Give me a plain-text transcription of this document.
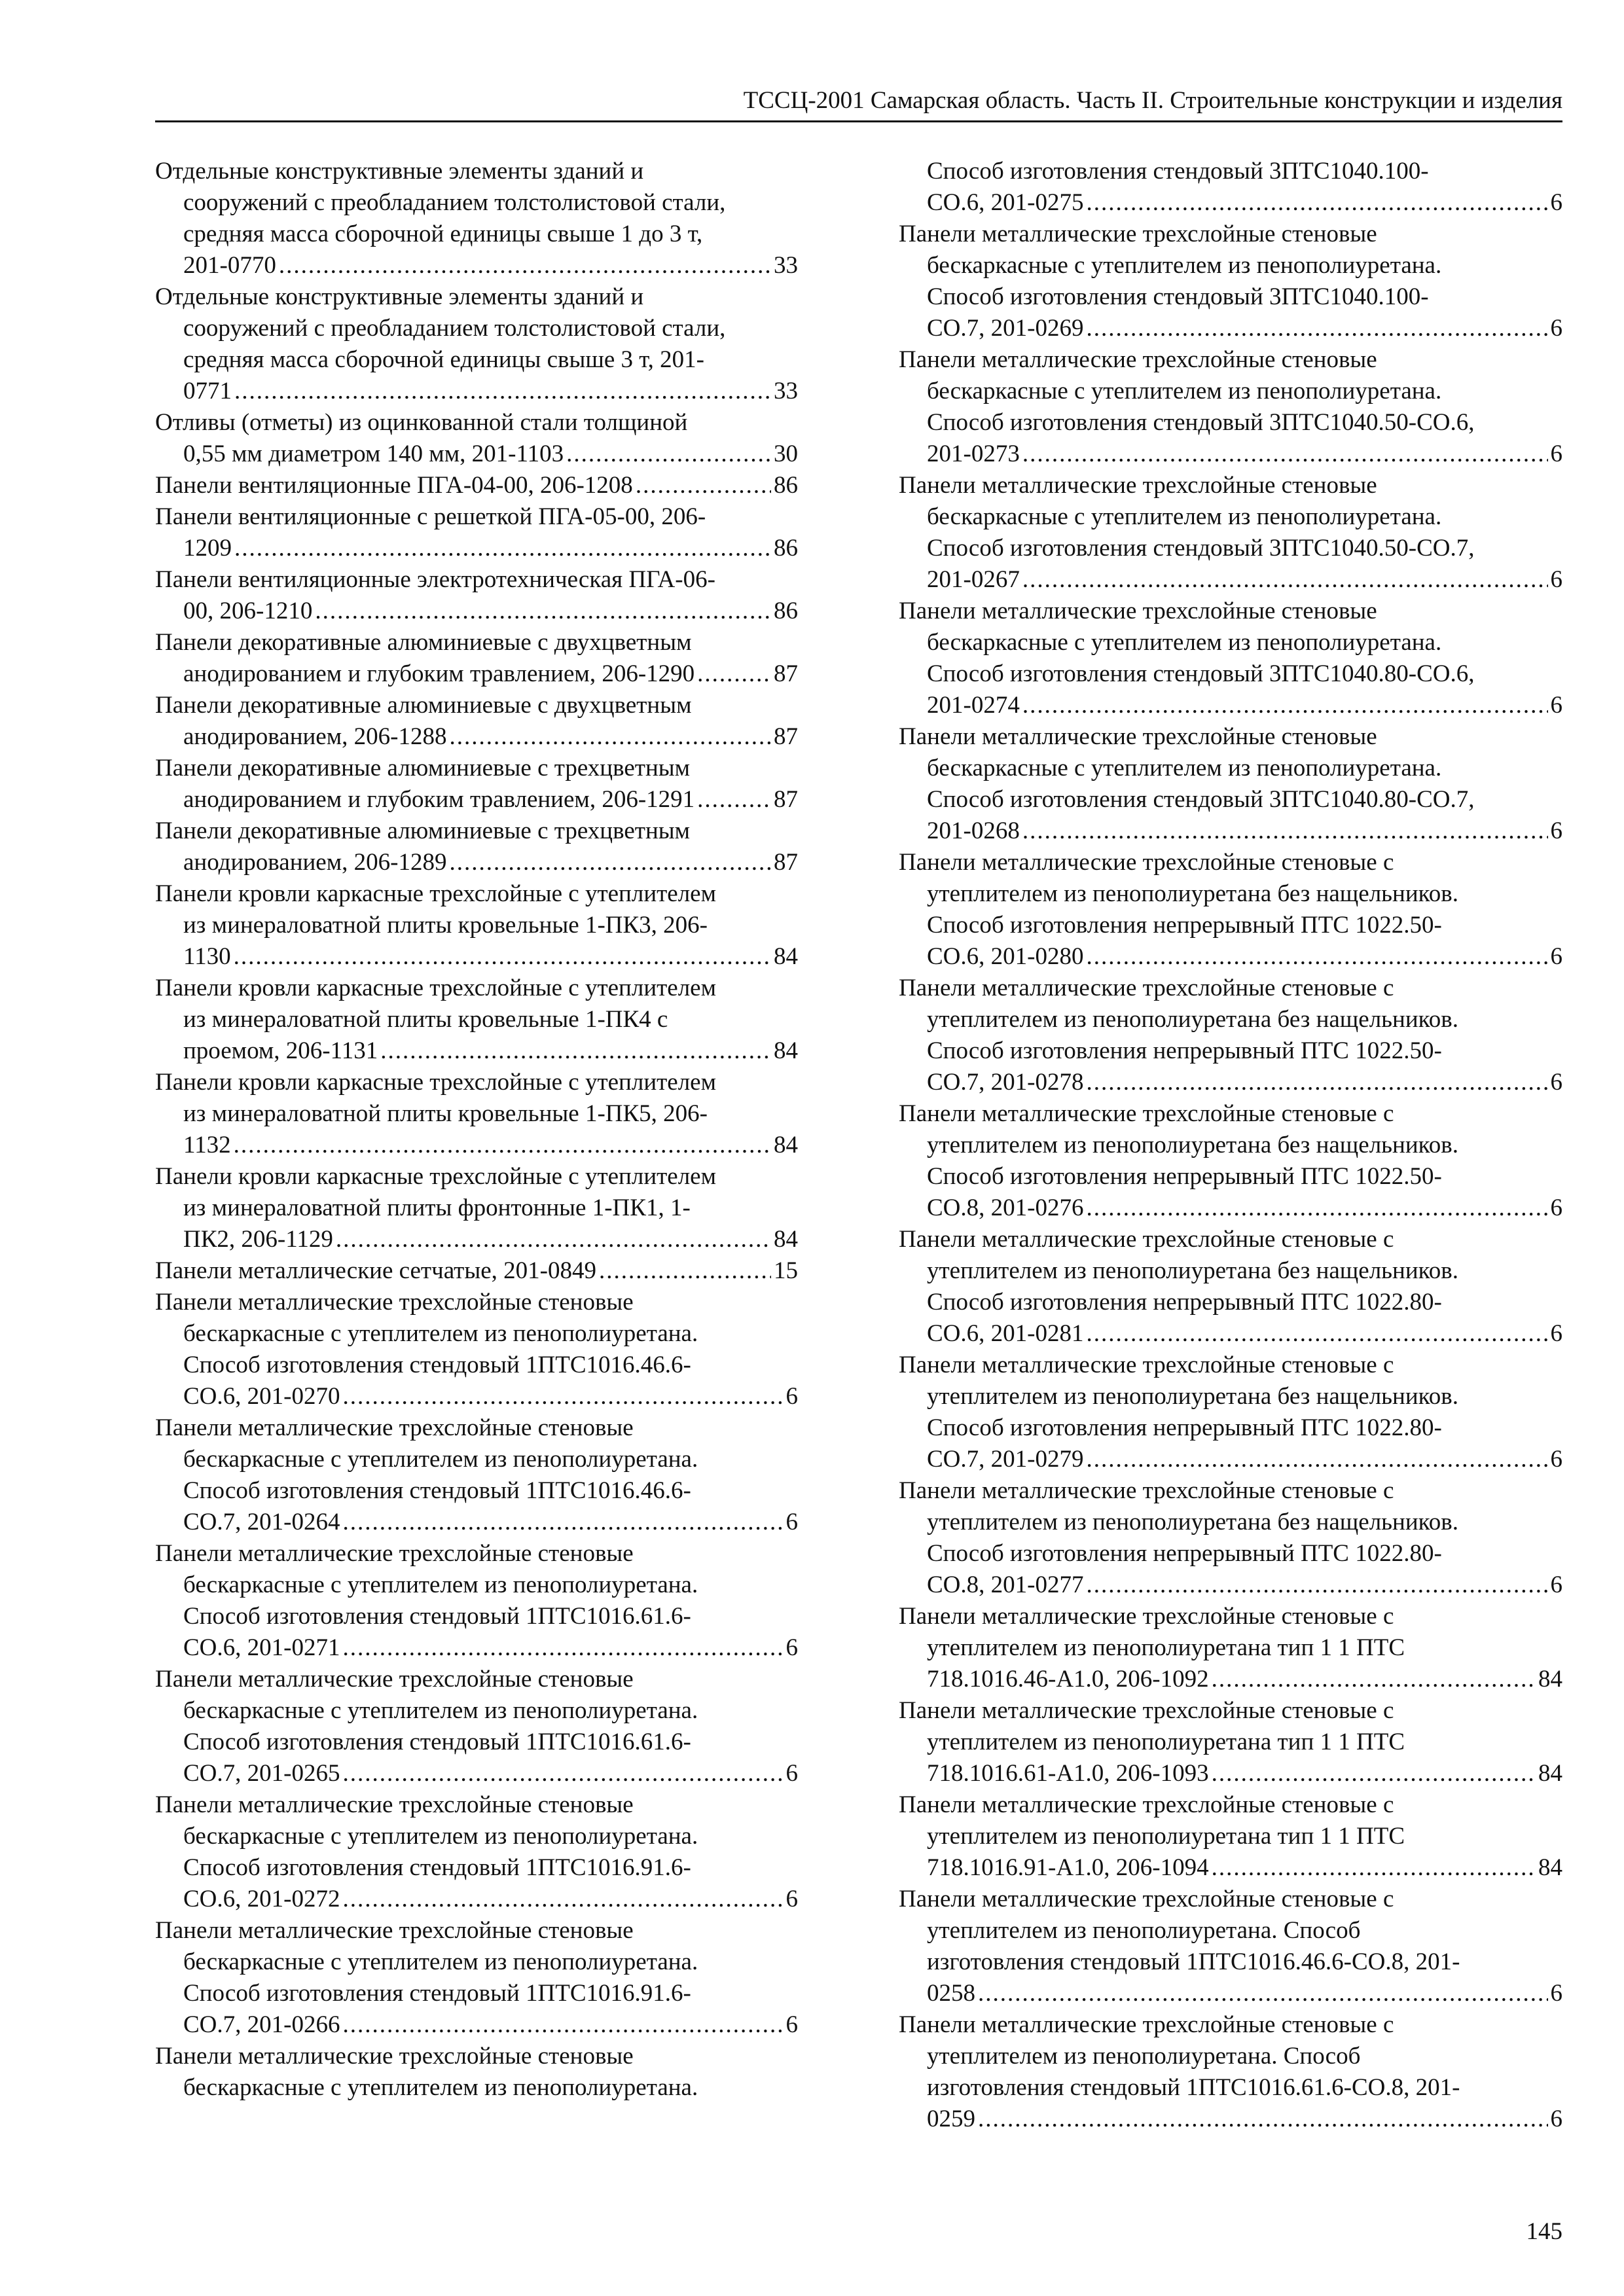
ТССЦ-2001 Самарская область. Часть II. Строительные конструкции и изделия
Отдельные конструктивные элементы зданий и
сооружений с преобладанием толстолистовой стали,
средняя масса сборочной единицы свыше 1 до 3 т,
201-0770 .....	33
Отдельные конструктивные элементы зданий и
сооружений с преобладанием толстолистовой стали,
средняя масса сборочной единицы свыше 3 т, 201-
0771 .....	33
Отливы (отметы) из оцинкованной стали толщиной
0,55 мм диаметром 140 мм, 201-1103 .....	30
Панели вентиляционные ПГА-04-00, 206-1208 .....	86
Панели вентиляционные с решеткой ПГА-05-00, 206-
1209 .....	86
Панели вентиляционные электротехническая ПГА-06-
00, 206-1210 .....	86
Панели декоративные алюминиевые с двухцветным
анодированием и глубоким травлением, 206-1290 .....	87
Панели декоративные алюминиевые с двухцветным
анодированием, 206-1288 .....	87
Панели декоративные алюминиевые с трехцветным
анодированием и глубоким травлением, 206-1291 .....	87
Панели декоративные алюминиевые с трехцветным
анодированием, 206-1289 .....	87
Панели кровли каркасные трехслойные с утеплителем
из минераловатной плиты кровельные 1-ПК3, 206-
1130 .....	84
Панели кровли каркасные трехслойные с утеплителем
из минераловатной плиты кровельные 1-ПК4 с
проемом, 206-1131 .....	84
Панели кровли каркасные трехслойные с утеплителем
из минераловатной плиты кровельные 1-ПК5, 206-
1132 .....	84
Панели кровли каркасные трехслойные с утеплителем
из минераловатной плиты фронтонные 1-ПК1, 1-
ПК2, 206-1129 .....	84
Панели металлические сетчатые, 201-0849 .....	15
Панели металлические трехслойные стеновые
бескаркасные с утеплителем из пенополиуретана.
Способ изготовления стендовый 1ПТС1016.46.6-
СО.6, 201-0270 .....	6
Панели металлические трехслойные стеновые
бескаркасные с утеплителем из пенополиуретана.
Способ изготовления стендовый 1ПТС1016.46.6-
СО.7, 201-0264 .....	6
Панели металлические трехслойные стеновые
бескаркасные с утеплителем из пенополиуретана.
Способ изготовления стендовый 1ПТС1016.61.6-
СО.6, 201-0271 .....	6
Панели металлические трехслойные стеновые
бескаркасные с утеплителем из пенополиуретана.
Способ изготовления стендовый 1ПТС1016.61.6-
СО.7, 201-0265 .....	6
Панели металлические трехслойные стеновые
бескаркасные с утеплителем из пенополиуретана.
Способ изготовления стендовый 1ПТС1016.91.6-
СО.6, 201-0272 .....	6
Панели металлические трехслойные стеновые
бескаркасные с утеплителем из пенополиуретана.
Способ изготовления стендовый 1ПТС1016.91.6-
СО.7, 201-0266 .....	6
Панели металлические трехслойные стеновые
бескаркасные с утеплителем из пенополиуретана.
Способ изготовления стендовый 3ПТС1040.100-
СО.6, 201-0275 .....	6
Панели металлические трехслойные стеновые
бескаркасные с утеплителем из пенополиуретана.
Способ изготовления стендовый 3ПТС1040.100-
СО.7, 201-0269 .....	6
Панели металлические трехслойные стеновые
бескаркасные с утеплителем из пенополиуретана.
Способ изготовления стендовый 3ПТС1040.50-СО.6,
201-0273 .....	6
Панели металлические трехслойные стеновые
бескаркасные с утеплителем из пенополиуретана.
Способ изготовления стендовый 3ПТС1040.50-СО.7,
201-0267 .....	6
Панели металлические трехслойные стеновые
бескаркасные с утеплителем из пенополиуретана.
Способ изготовления стендовый 3ПТС1040.80-СО.6,
201-0274 .....	6
Панели металлические трехслойные стеновые
бескаркасные с утеплителем из пенополиуретана.
Способ изготовления стендовый 3ПТС1040.80-СО.7,
201-0268 .....	6
Панели металлические трехслойные стеновые с
утеплителем из пенополиуретана без нащельников.
Способ изготовления непрерывный ПТС 1022.50-
СО.6, 201-0280 .....	6
Панели металлические трехслойные стеновые с
утеплителем из пенополиуретана без нащельников.
Способ изготовления непрерывный ПТС 1022.50-
СО.7, 201-0278 .....	6
Панели металлические трехслойные стеновые с
утеплителем из пенополиуретана без нащельников.
Способ изготовления непрерывный ПТС 1022.50-
СО.8, 201-0276 .....	6
Панели металлические трехслойные стеновые с
утеплителем из пенополиуретана без нащельников.
Способ изготовления непрерывный ПТС 1022.80-
СО.6, 201-0281 .....	6
Панели металлические трехслойные стеновые с
утеплителем из пенополиуретана без нащельников.
Способ изготовления непрерывный ПТС 1022.80-
СО.7, 201-0279 .....	6
Панели металлические трехслойные стеновые с
утеплителем из пенополиуретана без нащельников.
Способ изготовления непрерывный ПТС 1022.80-
СО.8, 201-0277 .....	6
Панели металлические трехслойные стеновые с
утеплителем из пенополиуретана тип 1 1 ПТС
718.1016.46-А1.0, 206-1092 .....	84
Панели металлические трехслойные стеновые с
утеплителем из пенополиуретана тип 1 1 ПТС
718.1016.61-А1.0, 206-1093 .....	84
Панели металлические трехслойные стеновые с
утеплителем из пенополиуретана тип 1 1 ПТС
718.1016.91-А1.0, 206-1094 .....	84
Панели металлические трехслойные стеновые с
утеплителем из пенополиуретана. Способ
изготовления стендовый 1ПТС1016.46.6-СО.8, 201-
0258 .....	6
Панели металлические трехслойные стеновые с
утеплителем из пенополиуретана. Способ
изготовления стендовый 1ПТС1016.61.6-СО.8, 201-
0259 .....	6
145
